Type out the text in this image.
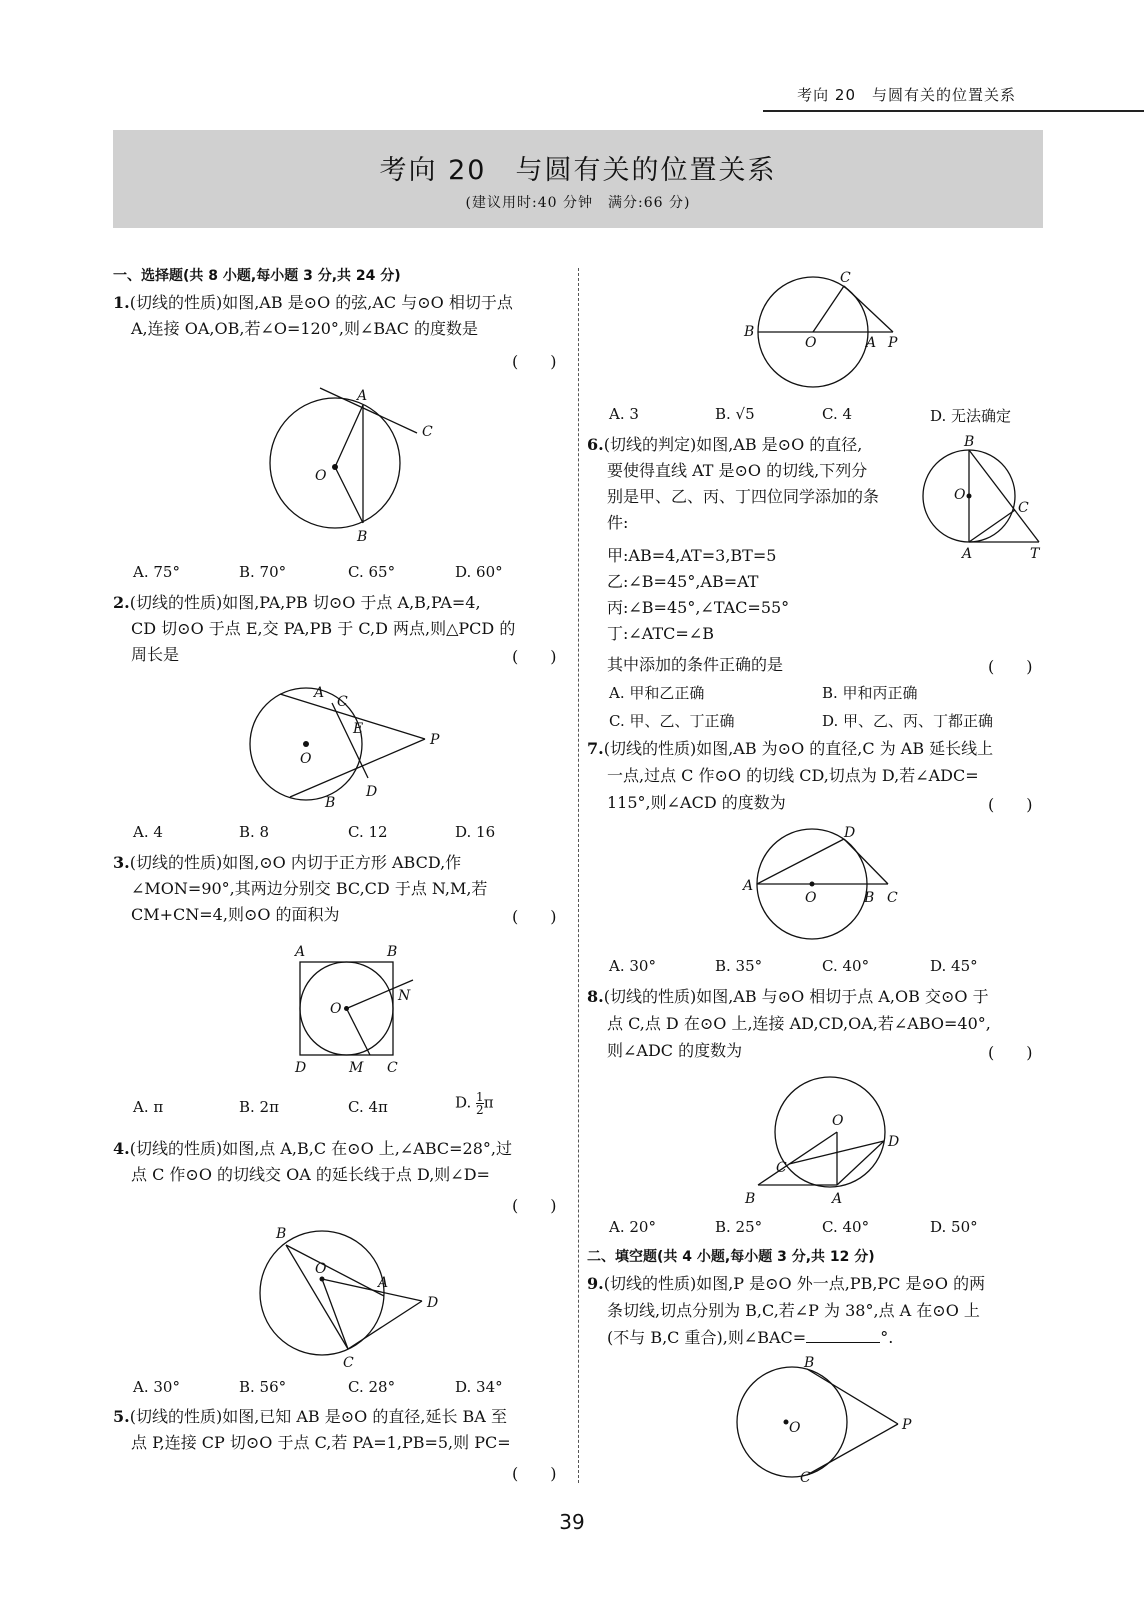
考向 20　与圆有关的位置关系
考向 20　与圆有关的位置关系
(建议用时:40 分钟　满分:66 分)
一、选择题(共 8 小题,每小题 3 分,共 24 分)
1.(切线的性质)如图,AB 是⊙O 的弦,AC 与⊙O 相切于点
A,连接 OA,OB,若∠O=120°,则∠BAC 的度数是
(　　)
A
C
O
B
A. 75°	B. 70°	C. 65°	D. 60°
2.(切线的性质)如图,PA,PB 切⊙O 于点 A,B,PA=4,
CD 切⊙O 于点 E,交 PA,PB 于 C,D 两点,则△PCD 的
周长是	(　　)
A
C
E
P
O
D
B
A. 4	B. 8	C. 12	D. 16
3.(切线的性质)如图,⊙O 内切于正方形 ABCD,作
∠MON=90°,其两边分别交 BC,CD 于点 N,M,若
CM+CN=4,则⊙O 的面积为	(　　)
A	B
O
N
D	M C
A. π	B. 2π	C. 4π	D. $\frac{1}{2}$ π
4.(切线的性质)如图,点 A,B,C 在⊙O 上,∠ABC=28°,过
点 C 作⊙O 的切线交 OA 的延长线于点 D,则∠D=
(　　)
B
O
A
D
C
A. 30°	B. 56°	C. 28°	D. 34°
5.(切线的性质)如图,已知 AB 是⊙O 的直径,延长 BA 至
点 P,连接 CP 切⊙O 于点 C,若 PA=1,PB=5,则 PC=
(　　)
B
O	A P
C
A. 3	B. √5	C. 4	D. 无法确定
6.(切线的判定)如图,AB 是⊙O 的直径,
要使得直线 AT 是⊙O 的切线,下列分
别是甲、乙、丙、丁四位同学添加的条
件:
甲:AB=4,AT=3,BT=5
乙:∠B=45°,AB=AT
丙:∠B=45°,∠TAC=55°
丁:∠ATC=∠B
其中添加的条件正确的是	(　　)
B
O
C
A	T
A. 甲和乙正确	B. 甲和丙正确
C. 甲、乙、丁正确	D. 甲、乙、丙、丁都正确
7.(切线的性质)如图,AB 为⊙O 的直径,C 为 AB 延长线上
一点,过点 C 作⊙O 的切线 CD,切点为 D,若∠ADC=
115°,则∠ACD 的度数为	(　　)
D
A
O	B C
A. 30°	B. 35°	C. 40°	D. 45°
8.(切线的性质)如图,AB 与⊙O 相切于点 A,OB 交⊙O 于
点 C,点 D 在⊙O 上,连接 AD,CD,OA,若∠ABO=40°,
则∠ADC 的度数为	(　　)
O
C
D
B	A
A. 20°	B. 25°	C. 40°	D. 50°
二、填空题(共 4 小题,每小题 3 分,共 12 分)
9.(切线的性质)如图,P 是⊙O 外一点,PB,PC 是⊙O 的两
条切线,切点分别为 B,C,若∠P 为 38°,点 A 在⊙O 上
(不与 B,C 重合),则∠BAC=	°.
B
O	P
C
39
